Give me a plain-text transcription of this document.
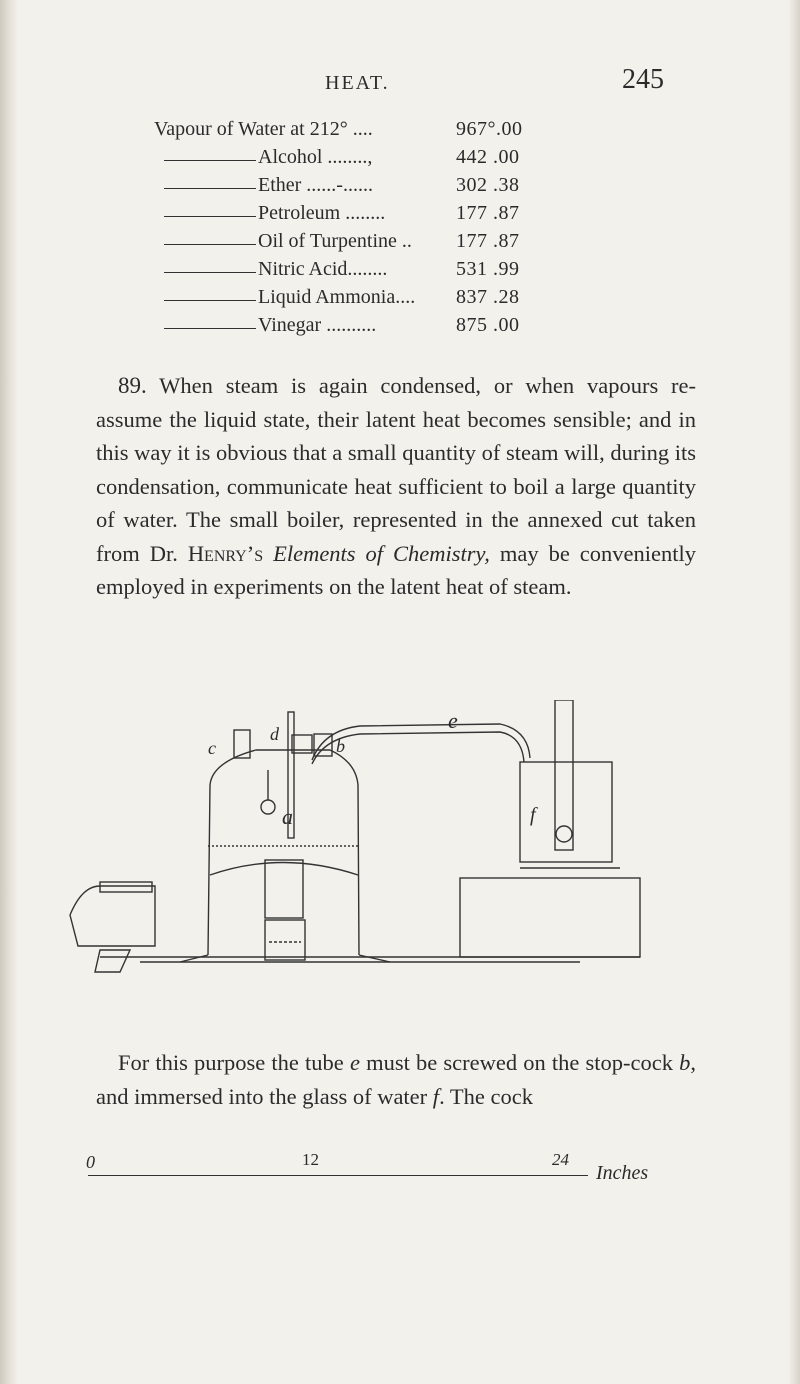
HEAT.	245
Vapour of Water at 212° ....	967°.00
Alcohol ........,	442 .00
Ether ......-......	302 .38
Petroleum ........	177 .87
Oil of Turpentine .. 177 .87
Nitric Acid........	531 .99
Liquid Ammonia.... 837 .28
Vinegar ..........	875 .00

89. When steam is again condensed, or when vapours re-assume the liquid state, their latent heat becomes sensible; and in this way it is obvious that a small quantity of steam will, during its condensation, communicate heat sufficient to boil a large quantity of water. The small boiler, represented in the annexed cut taken from Dr. Henry’s Elements of Chemistry, may be conveniently employed in experiments on the latent heat of steam.

c
d
b
a
e
f
0	12	24
Inches

For this purpose the tube e must be screwed on the stop-cock b, and immersed into the glass of water f. The cock
